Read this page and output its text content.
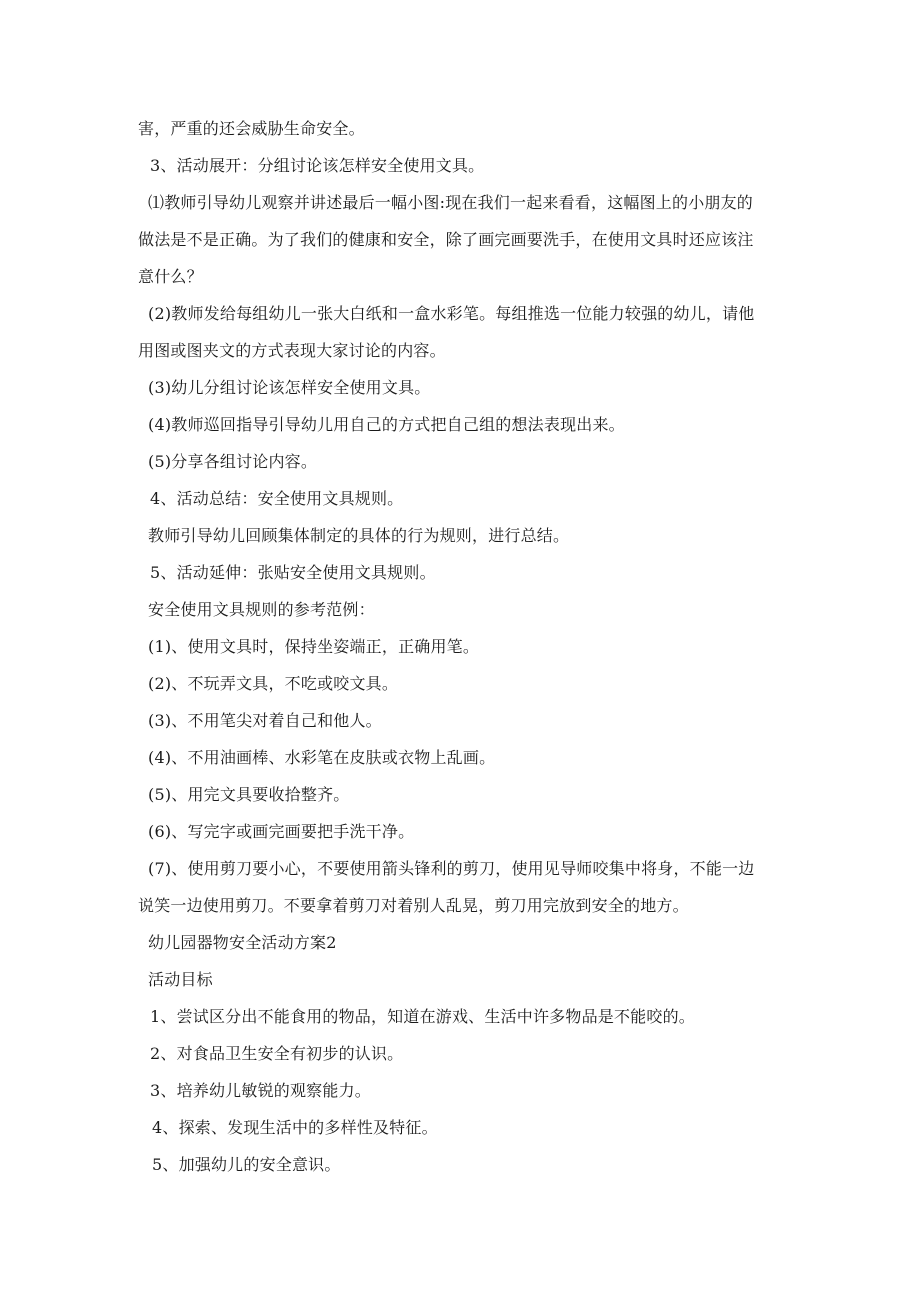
害，严重的还会威胁生命安全。
3、活动展开：分组讨论该怎样安全使用文具。
⑴教师引导幼儿观察并讲述最后一幅小图:现在我们一起来看看，这幅图上的小朋友的
做法是不是正确。为了我们的健康和安全，除了画完画要洗手，在使用文具时还应该注
意什么？
(2)教师发给每组幼儿一张大白纸和一盒水彩笔。每组推选一位能力较强的幼儿，请他
用图或图夹文的方式表现大家讨论的内容。
(3)幼儿分组讨论该怎样安全使用文具。
(4)教师巡回指导引导幼儿用自己的方式把自己组的想法表现出来。
(5)分享各组讨论内容。
4、活动总结：安全使用文具规则。
教师引导幼儿回顾集体制定的具体的行为规则，进行总结。
5、活动延伸：张贴安全使用文具规则。
安全使用文具规则的参考范例：
(1)、使用文具时，保持坐姿端正，正确用笔。
(2)、不玩弄文具，不吃或咬文具。
(3)、不用笔尖对着自己和他人。
(4)、不用油画棒、水彩笔在皮肤或衣物上乱画。
(5)、用完文具要收拾整齐。
(6)、写完字或画完画要把手洗干净。
(7)、使用剪刀要小心，不要使用箭头锋利的剪刀，使用见导师咬集中将身，不能一边
说笑一边使用剪刀。不要拿着剪刀对着别人乱晃，剪刀用完放到安全的地方。
幼儿园器物安全活动方案2
活动目标
1、尝试区分出不能食用的物品，知道在游戏、生活中许多物品是不能咬的。
2、对食品卫生安全有初步的认识。
3、培养幼儿敏锐的观察能力。
4、探索、发现生活中的多样性及特征。
5、加强幼儿的安全意识。
